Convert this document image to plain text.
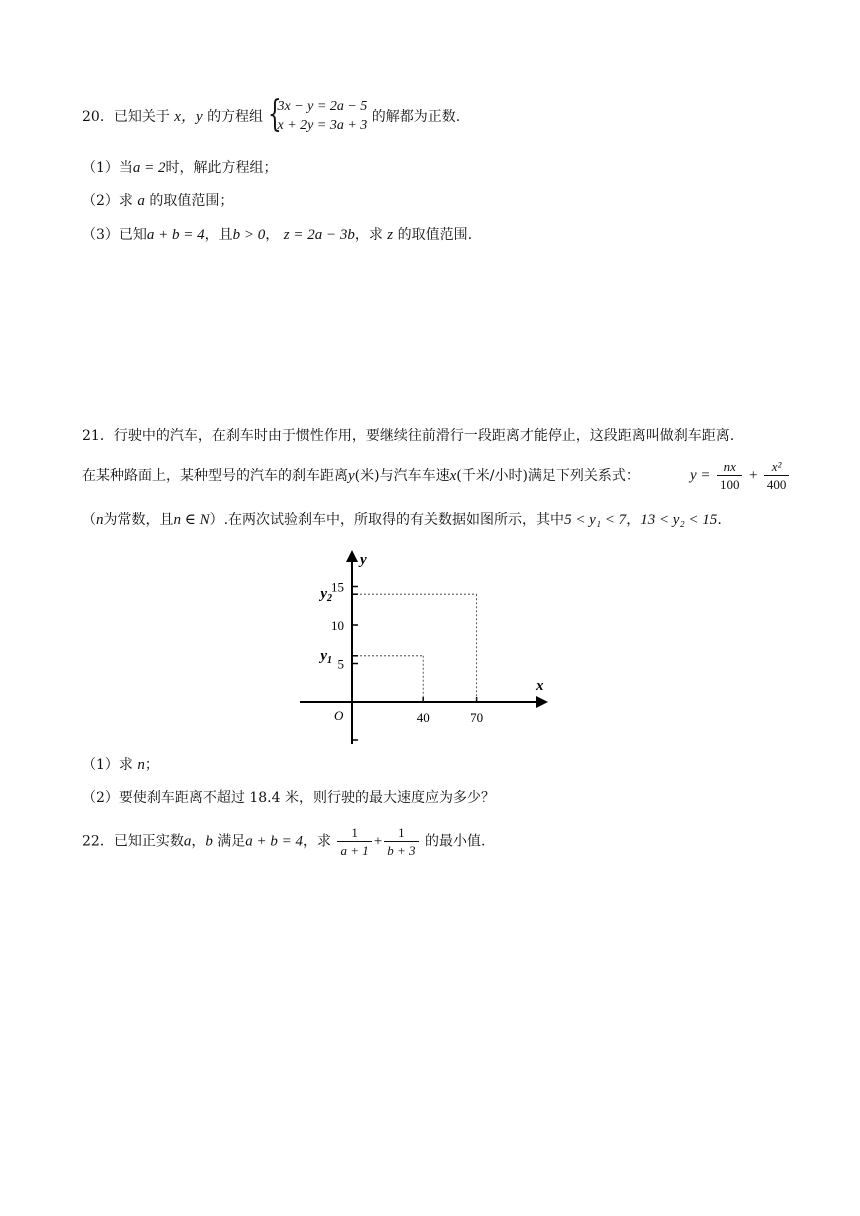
20．已知关于 x，y 的方程组 {
3x − y = 2a − 5
x + 2y = 3a + 3
的解都为正数.
（1）当a = 2时，解此方程组；
（2）求 a 的取值范围；
（3）已知a + b = 4，且b > 0， z = 2a − 3b，求 z 的取值范围.
21．行驶中的汽车，在刹车时由于惯性作用，要继续往前滑行一段距离才能停止，这段距离叫做刹车距离.
在某种路面上，某种型号的汽车的刹车距离y(米)与汽车车速x(千米/小时)满足下列关系式：	$y = \frac{nx}{100} + \frac{\text{x²}}{400}$
（n为常数，且n ∈ N）.在两次试验刹车中，所取得的有关数据如图所示，其中5 < y₁ < 7，13 < y₂ < 15.
x
y
O
5
10
15
40	70
$y_1$
$y_2$
（1）求 n；
（2）要使刹车距离不超过 18.4 米，则行驶的最大速度应为多少？
22．已知正实数a，b 满足a + b = 4，求 $\frac{1}{a + 1} + \frac{1}{b + 3}$ 的最小值.
